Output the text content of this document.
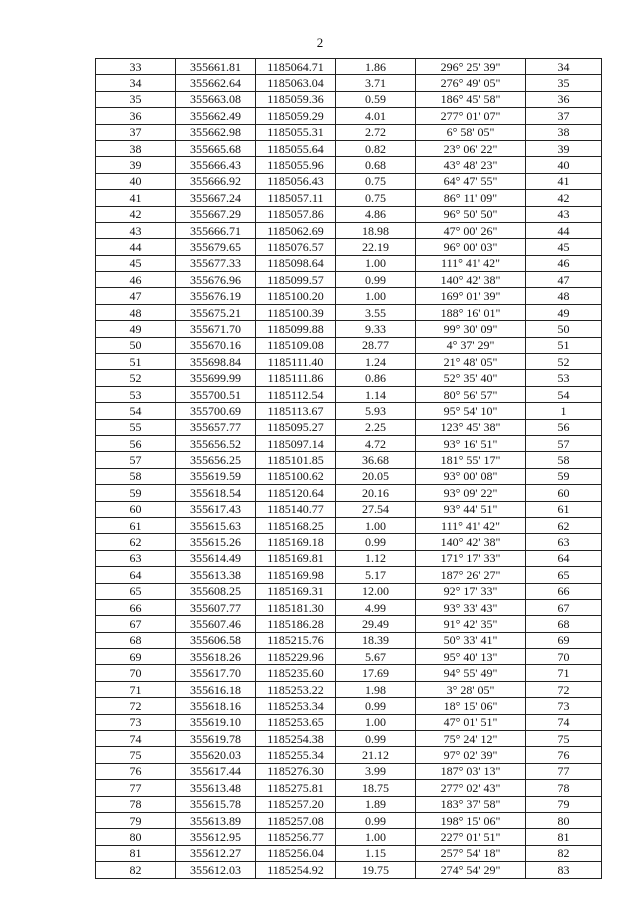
2
33	355661.81	1185064.71	1.86	296° 25' 39"	34
34	355662.64	1185063.04	3.71	276° 49' 05"	35
35	355663.08	1185059.36	0.59	186° 45' 58"	36
36	355662.49	1185059.29	4.01	277° 01' 07"	37
37	355662.98	1185055.31	2.72	6° 58' 05"	38
38	355665.68	1185055.64	0.82	23° 06' 22"	39
39	355666.43	1185055.96	0.68	43° 48' 23"	40
40	355666.92	1185056.43	0.75	64° 47' 55"	41
41	355667.24	1185057.11	0.75	86° 11' 09"	42
42	355667.29	1185057.86	4.86	96° 50' 50"	43
43	355666.71	1185062.69	18.98	47° 00' 26"	44
44	355679.65	1185076.57	22.19	96° 00' 03"	45
45	355677.33	1185098.64	1.00	111° 41' 42"	46
46	355676.96	1185099.57	0.99	140° 42' 38"	47
47	355676.19	1185100.20	1.00	169° 01' 39"	48
48	355675.21	1185100.39	3.55	188° 16' 01"	49
49	355671.70	1185099.88	9.33	99° 30' 09"	50
50	355670.16	1185109.08	28.77	4° 37' 29"	51
51	355698.84	1185111.40	1.24	21° 48' 05"	52
52	355699.99	1185111.86	0.86	52° 35' 40"	53
53	355700.51	1185112.54	1.14	80° 56' 57"	54
54	355700.69	1185113.67	5.93	95° 54' 10"	1
55	355657.77	1185095.27	2.25	123° 45' 38"	56
56	355656.52	1185097.14	4.72	93° 16' 51"	57
57	355656.25	1185101.85	36.68	181° 55' 17"	58
58	355619.59	1185100.62	20.05	93° 00' 08"	59
59	355618.54	1185120.64	20.16	93° 09' 22"	60
60	355617.43	1185140.77	27.54	93° 44' 51"	61
61	355615.63	1185168.25	1.00	111° 41' 42"	62
62	355615.26	1185169.18	0.99	140° 42' 38"	63
63	355614.49	1185169.81	1.12	171° 17' 33"	64
64	355613.38	1185169.98	5.17	187° 26' 27"	65
65	355608.25	1185169.31	12.00	92° 17' 33"	66
66	355607.77	1185181.30	4.99	93° 33' 43"	67
67	355607.46	1185186.28	29.49	91° 42' 35"	68
68	355606.58	1185215.76	18.39	50° 33' 41"	69
69	355618.26	1185229.96	5.67	95° 40' 13"	70
70	355617.70	1185235.60	17.69	94° 55' 49"	71
71	355616.18	1185253.22	1.98	3° 28' 05"	72
72	355618.16	1185253.34	0.99	18° 15' 06"	73
73	355619.10	1185253.65	1.00	47° 01' 51"	74
74	355619.78	1185254.38	0.99	75° 24' 12"	75
75	355620.03	1185255.34	21.12	97° 02' 39"	76
76	355617.44	1185276.30	3.99	187° 03' 13"	77
77	355613.48	1185275.81	18.75	277° 02' 43"	78
78	355615.78	1185257.20	1.89	183° 37' 58"	79
79	355613.89	1185257.08	0.99	198° 15' 06"	80
80	355612.95	1185256.77	1.00	227° 01' 51"	81
81	355612.27	1185256.04	1.15	257° 54' 18"	82
82	355612.03	1185254.92	19.75	274° 54' 29"	83
